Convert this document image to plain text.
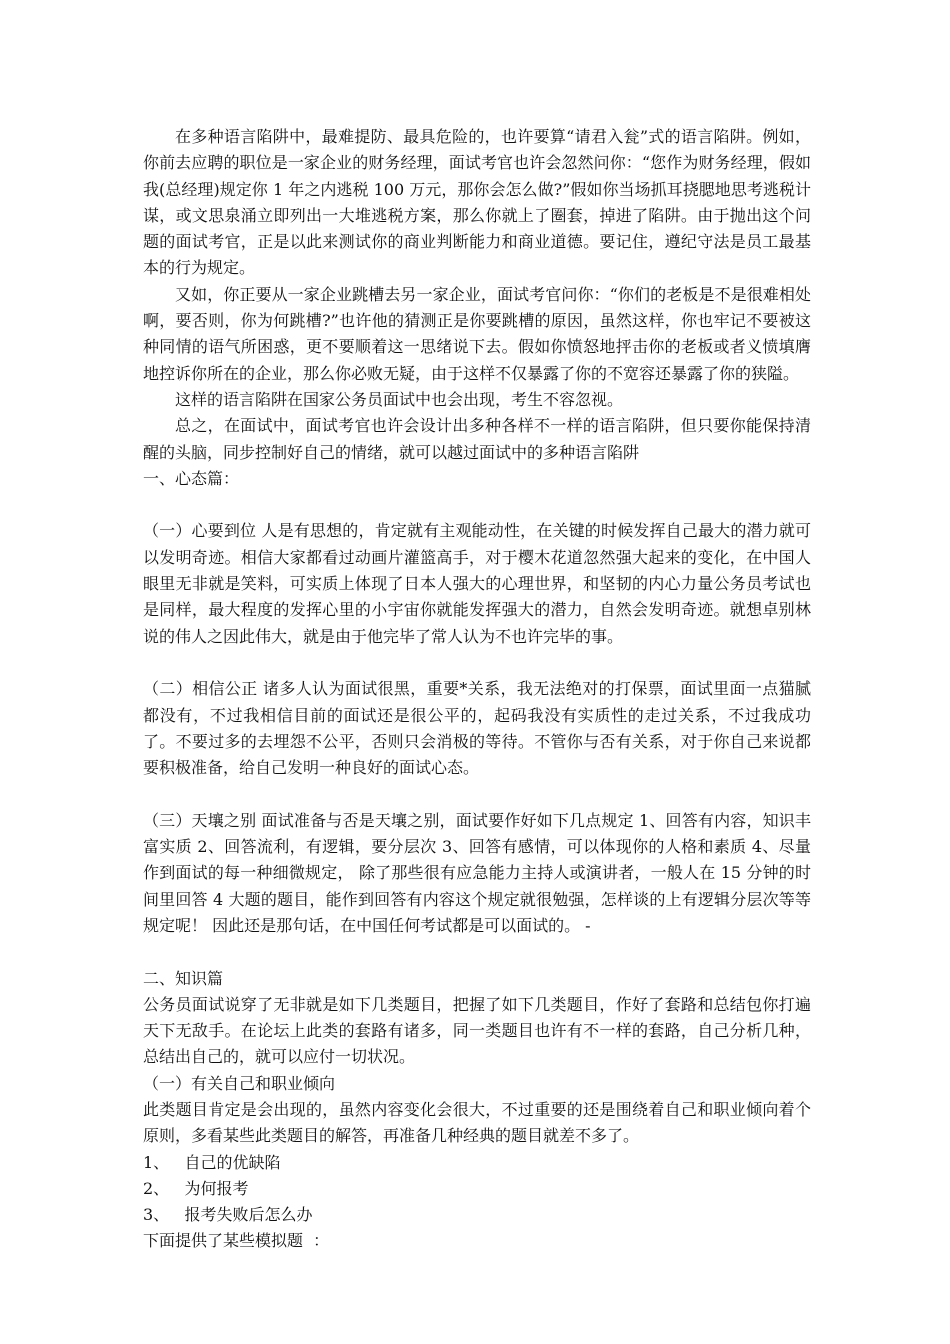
在多种语言陷阱中，最难提防、最具危险的，也许要算“请君入瓮”式的语言陷阱。例如，你前去应聘的职位是一家企业的财务经理，面试考官也许会忽然问你：“您作为财务经理，假如我(总经理)规定你 1 年之内逃税 100 万元，那你会怎么做?”假如你当场抓耳挠腮地思考逃税计谋，或文思泉涌立即列出一大堆逃税方案，那么你就上了圈套，掉进了陷阱。由于抛出这个问题的面试考官，正是以此来测试你的商业判断能力和商业道德。要记住，遵纪守法是员工最基本的行为规定。

又如，你正要从一家企业跳槽去另一家企业，面试考官问你：“你们的老板是不是很难相处啊，要否则，你为何跳槽?”也许他的猜测正是你要跳槽的原因，虽然这样，你也牢记不要被这种同情的语气所困惑，更不要顺着这一思绪说下去。假如你愤怒地抨击你的老板或者义愤填膺地控诉你所在的企业，那么你必败无疑，由于这样不仅暴露了你的不宽容还暴露了你的狭隘。

这样的语言陷阱在国家公务员面试中也会出现，考生不容忽视。

总之，在面试中，面试考官也许会设计出多种各样不一样的语言陷阱，但只要你能保持清醒的头脑，同步控制好自己的情绪，就可以越过面试中的多种语言陷阱

一、心态篇：

（一）心要到位 人是有思想的，肯定就有主观能动性，在关键的时候发挥自己最大的潜力就可以发明奇迹。相信大家都看过动画片灌篮高手，对于樱木花道忽然强大起来的变化，在中国人眼里无非就是笑料，可实质上体现了日本人强大的心理世界，和坚韧的内心力量公务员考试也是同样，最大程度的发挥心里的小宇宙你就能发挥强大的潜力，自然会发明奇迹。就想卓别林说的伟人之因此伟大，就是由于他完毕了常人认为不也许完毕的事。

（二）相信公正 诸多人认为面试很黑，重要*关系，我无法绝对的打保票，面试里面一点猫腻都没有，不过我相信目前的面试还是很公平的，起码我没有实质性的走过关系，不过我成功了。不要过多的去埋怨不公平，否则只会消极的等待。不管你与否有关系，对于你自己来说都要积极准备，给自己发明一种良好的面试心态。

（三）天壤之别 面试准备与否是天壤之别，面试要作好如下几点规定 1、回答有内容，知识丰富实质 2、回答流利，有逻辑，要分层次 3、回答有感情，可以体现你的人格和素质 4、尽量作到面试的每一种细微规定， 除了那些很有应急能力主持人或演讲者，一般人在 15 分钟的时间里回答 4 大题的题目，能作到回答有内容这个规定就很勉强，怎样谈的上有逻辑分层次等等规定呢！ 因此还是那句话，在中国任何考试都是可以面试的。 -

二、知识篇

公务员面试说穿了无非就是如下几类题目，把握了如下几类题目，作好了套路和总结包你打遍天下无敌手。在论坛上此类的套路有诸多，同一类题目也许有不一样的套路，自己分析几种，总结出自己的，就可以应付一切状况。

（一）有关自己和职业倾向

此类题目肯定是会出现的，虽然内容变化会很大，不过重要的还是围绕着自己和职业倾向着个原则，多看某些此类题目的解答，再准备几种经典的题目就差不多了。

1、   自己的优缺陷

2、   为何报考

3、   报考失败后怎么办

下面提供了某些模拟题  ：
